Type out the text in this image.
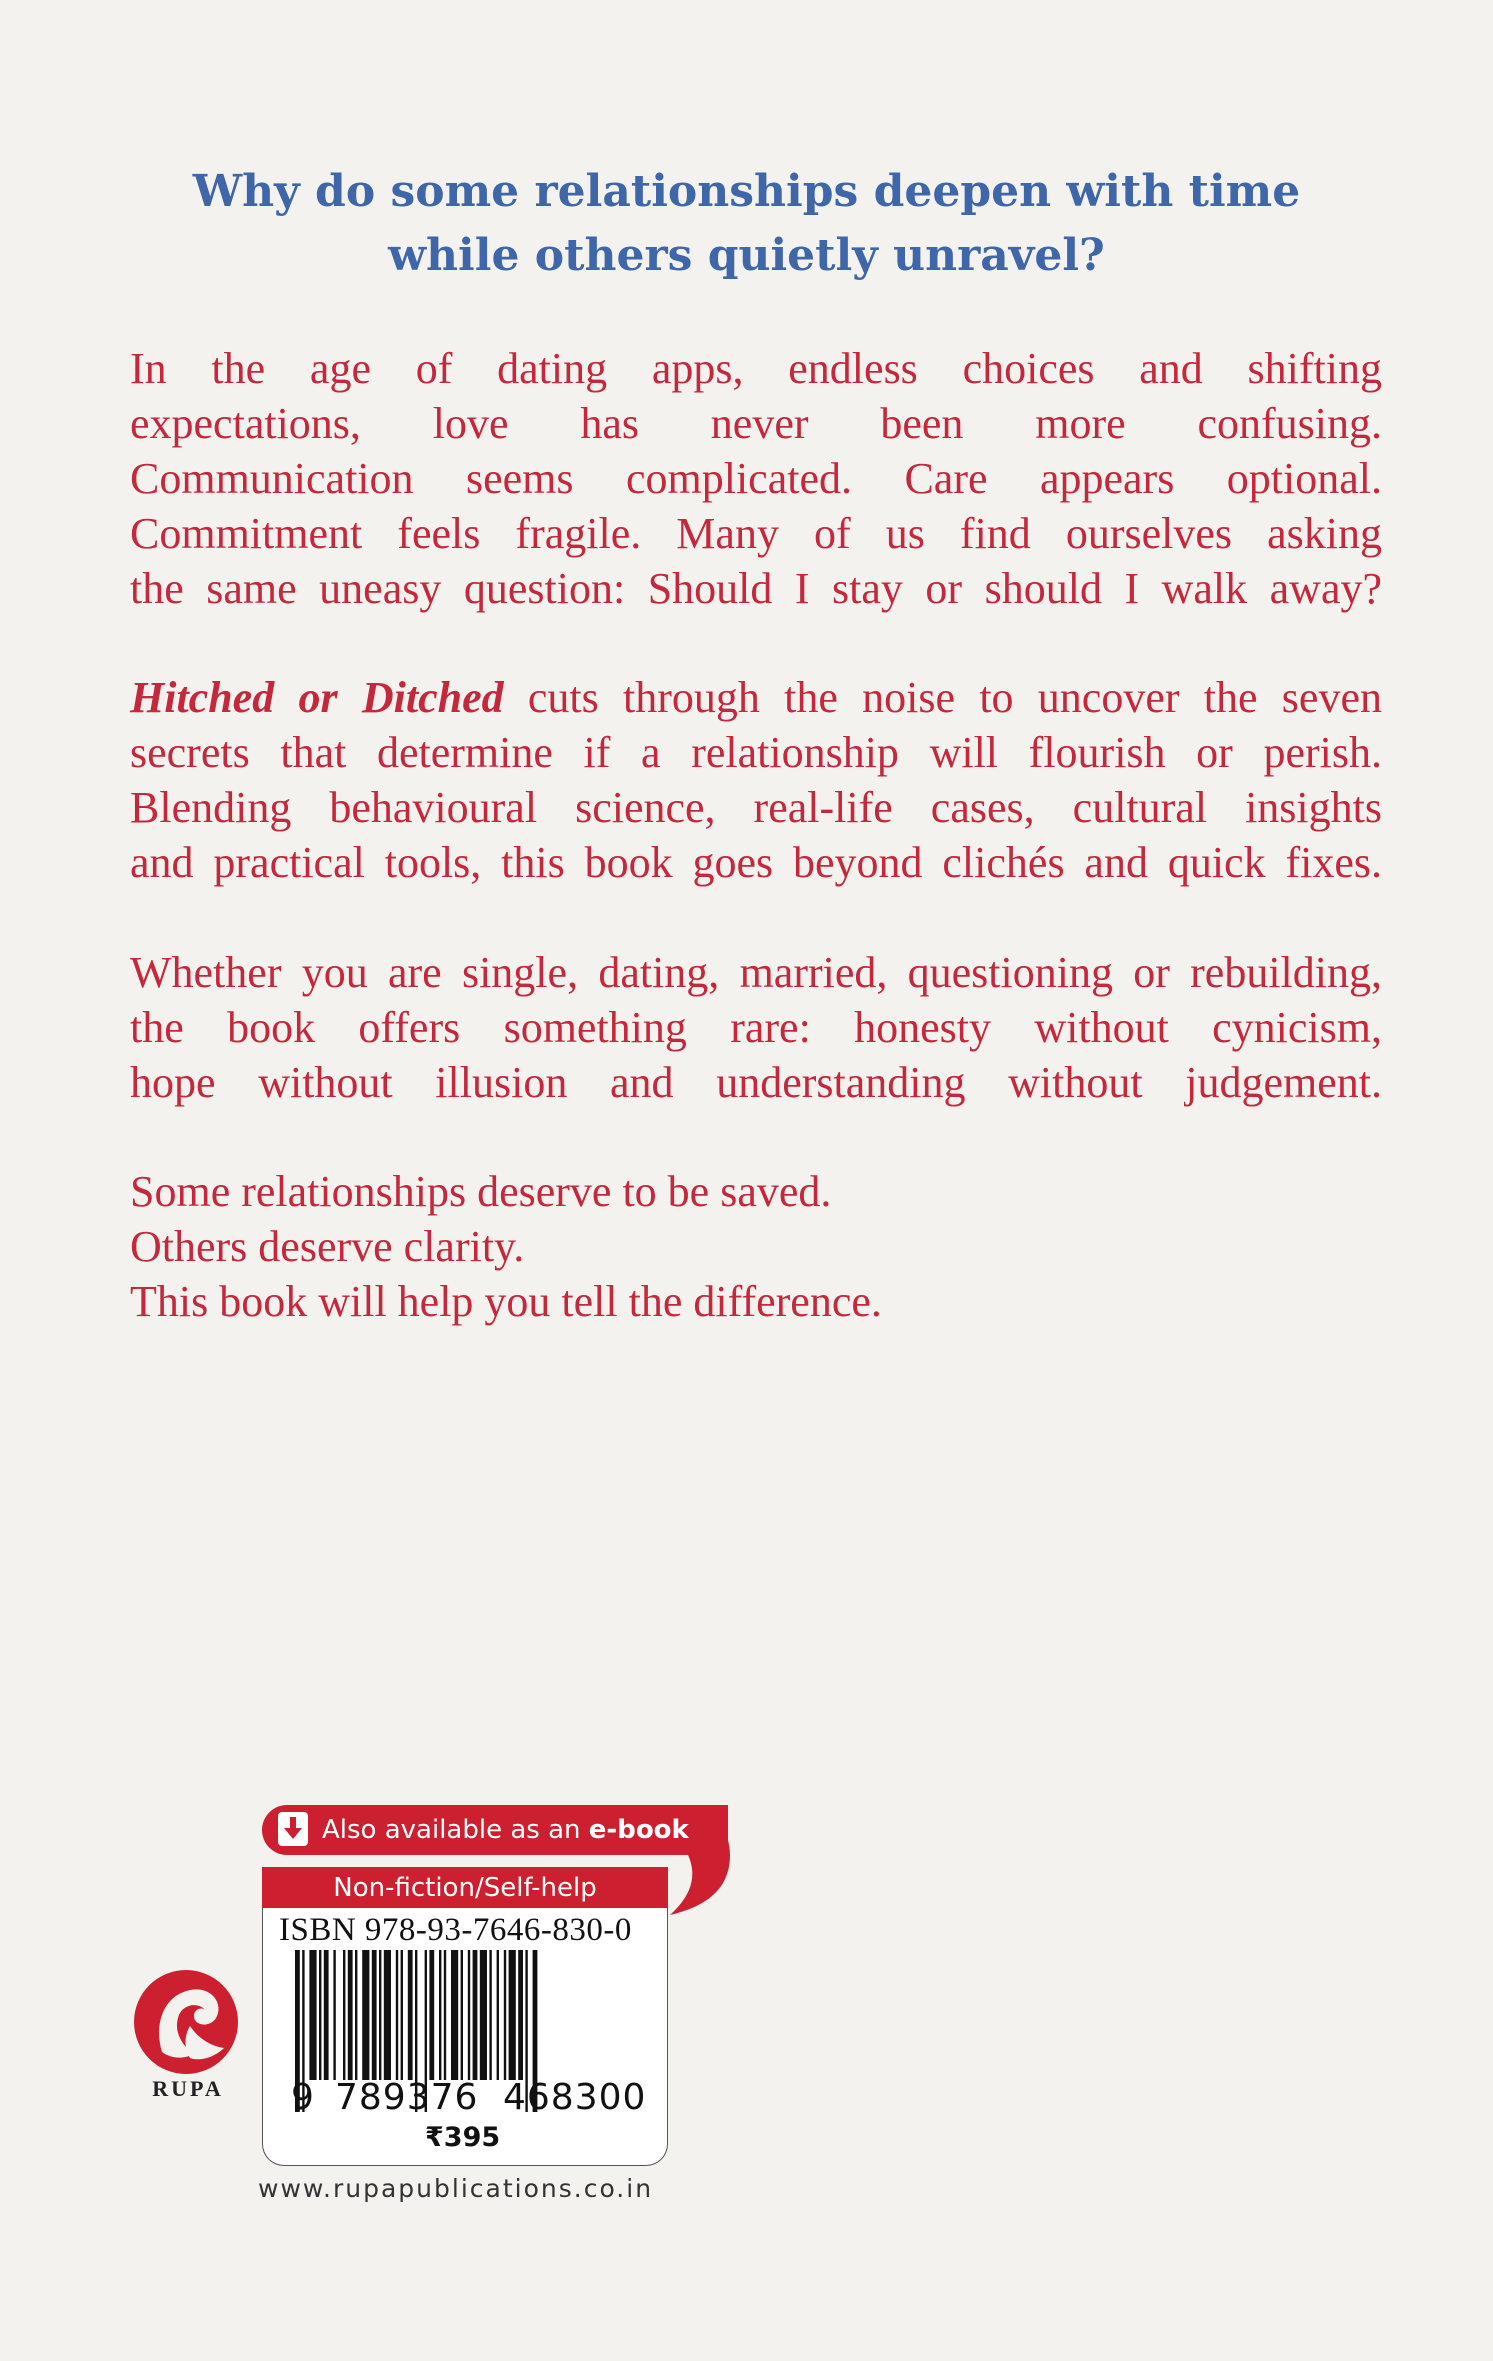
Why do some relationships deepen with time
while others quietly unravel?
In the age of dating apps, endless choices and shifting
expectations, love has never been more confusing.
Communication seems complicated. Care appears optional.
Commitment feels fragile. Many of us find ourselves asking
the same uneasy question: Should I stay or should I walk away?
Hitched or Ditched cuts through the noise to uncover the seven
secrets that determine if a relationship will flourish or perish.
Blending behavioural science, real-life cases, cultural insights
and practical tools, this book goes beyond clichés and quick fixes.
Whether you are single, dating, married, questioning or rebuilding,
the book offers something rare: honesty without cynicism,
hope without illusion and understanding without judgement.
Some relationships deserve to be saved.
Others deserve clarity.
This book will help you tell the difference.
Also available as an e-book
Non-fiction/Self-help
ISBN 978-93-7646-830-0
9 789376 468300
₹395
RUPA
www.rupapublications.co.in
